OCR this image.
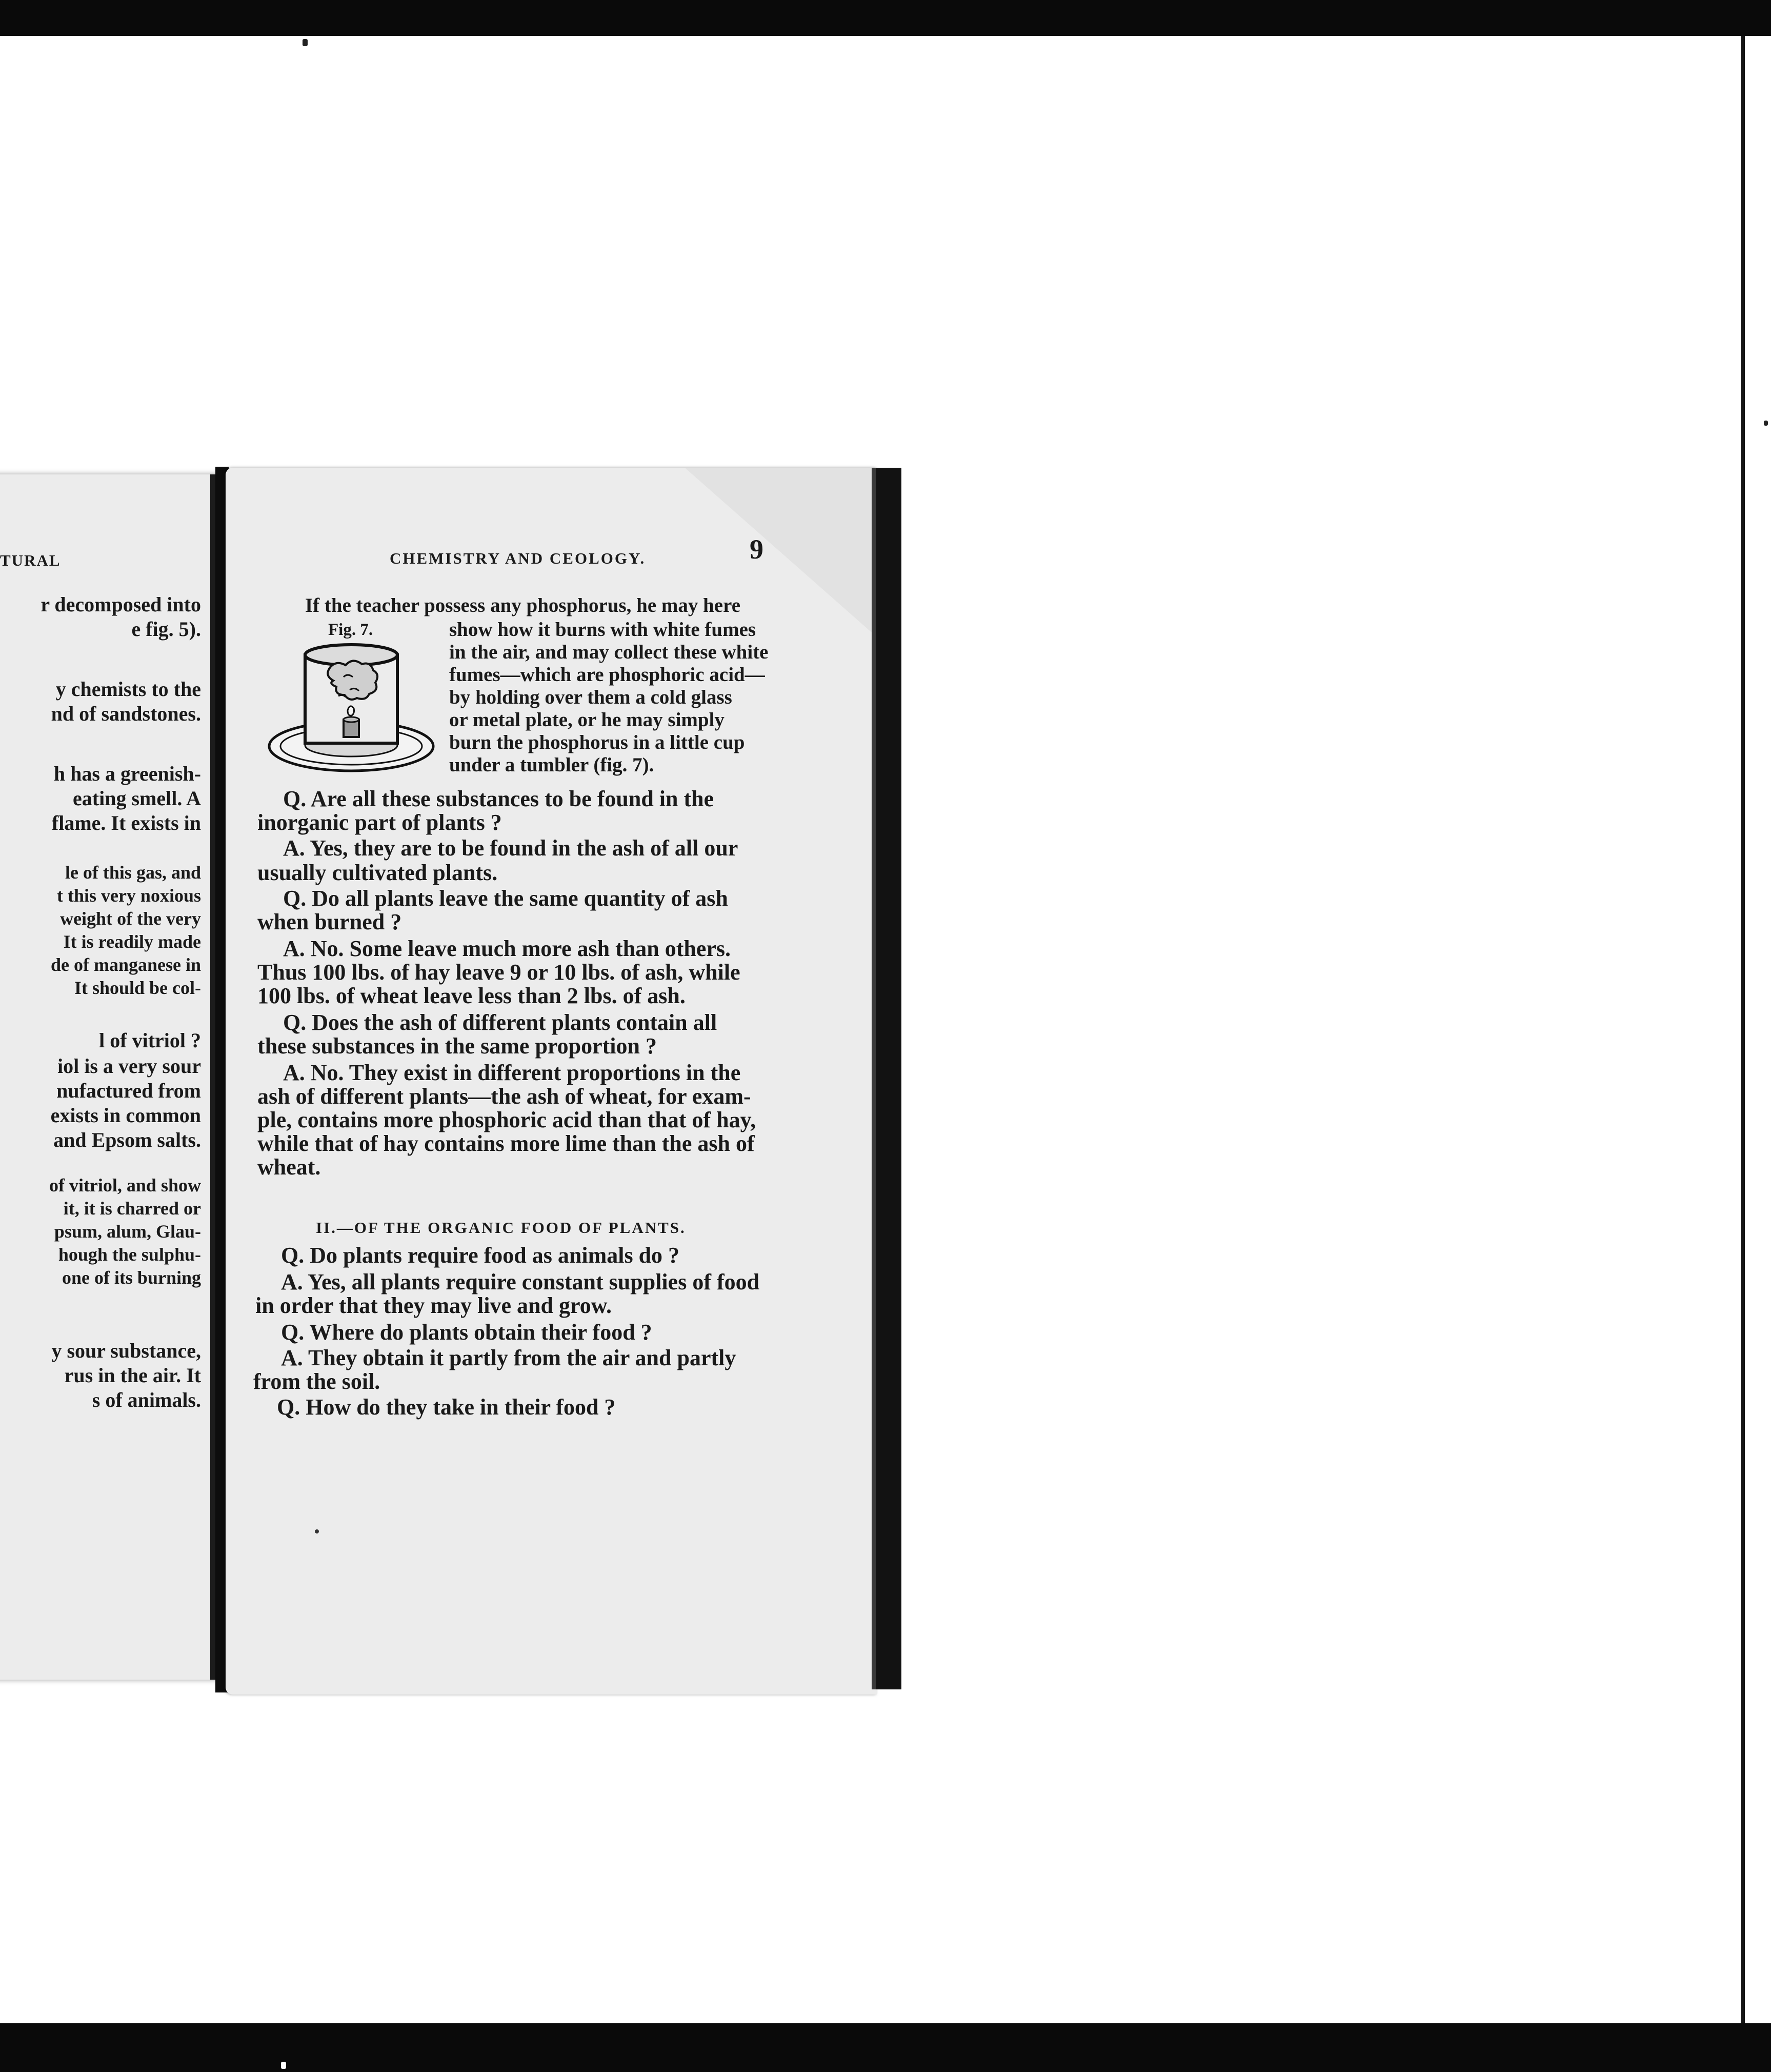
TURAL
r decomposed into
e fig. 5).
y chemists to the
nd of sandstones.
h has a greenish-
eating smell. A
flame. It exists in
le of this gas, and
t this very noxious
weight of the very
It is readily made
de of manganese in
It should be col-
l of vitriol ?
iol is a very sour
nufactured from
exists in common
and Epsom salts.
of vitriol, and show
it, it is charred or
psum, alum, Glau-
hough the sulphu-
one of its burning
y sour substance,
rus in the air. It
s of animals.
CHEMISTRY AND CEOLOGY.	9
Fig. 7.
If the teacher possess any phosphorus, he may here
show how it burns with white fumes
in the air, and may collect these white
fumes—which are phosphoric acid—
by holding over them a cold glass
or metal plate, or he may simply
burn the phosphorus in a little cup
under a tumbler (fig. 7).
Q. Are all these substances to be found in the
inorganic part of plants ?
A. Yes, they are to be found in the ash of all our
usually cultivated plants.
Q. Do all plants leave the same quantity of ash
when burned ?
A. No. Some leave much more ash than others.
Thus 100 lbs. of hay leave 9 or 10 lbs. of ash, while
100 lbs. of wheat leave less than 2 lbs. of ash.
Q. Does the ash of different plants contain all
these substances in the same proportion ?
A. No. They exist in different proportions in the
ash of different plants—the ash of wheat, for exam-
ple, contains more phosphoric acid than that of hay,
while that of hay contains more lime than the ash of
wheat.
II.—OF THE ORGANIC FOOD OF PLANTS.
Q. Do plants require food as animals do ?
A. Yes, all plants require constant supplies of food
in order that they may live and grow.
Q. Where do plants obtain their food ?
A. They obtain it partly from the air and partly
from the soil.
Q. How do they take in their food ?
